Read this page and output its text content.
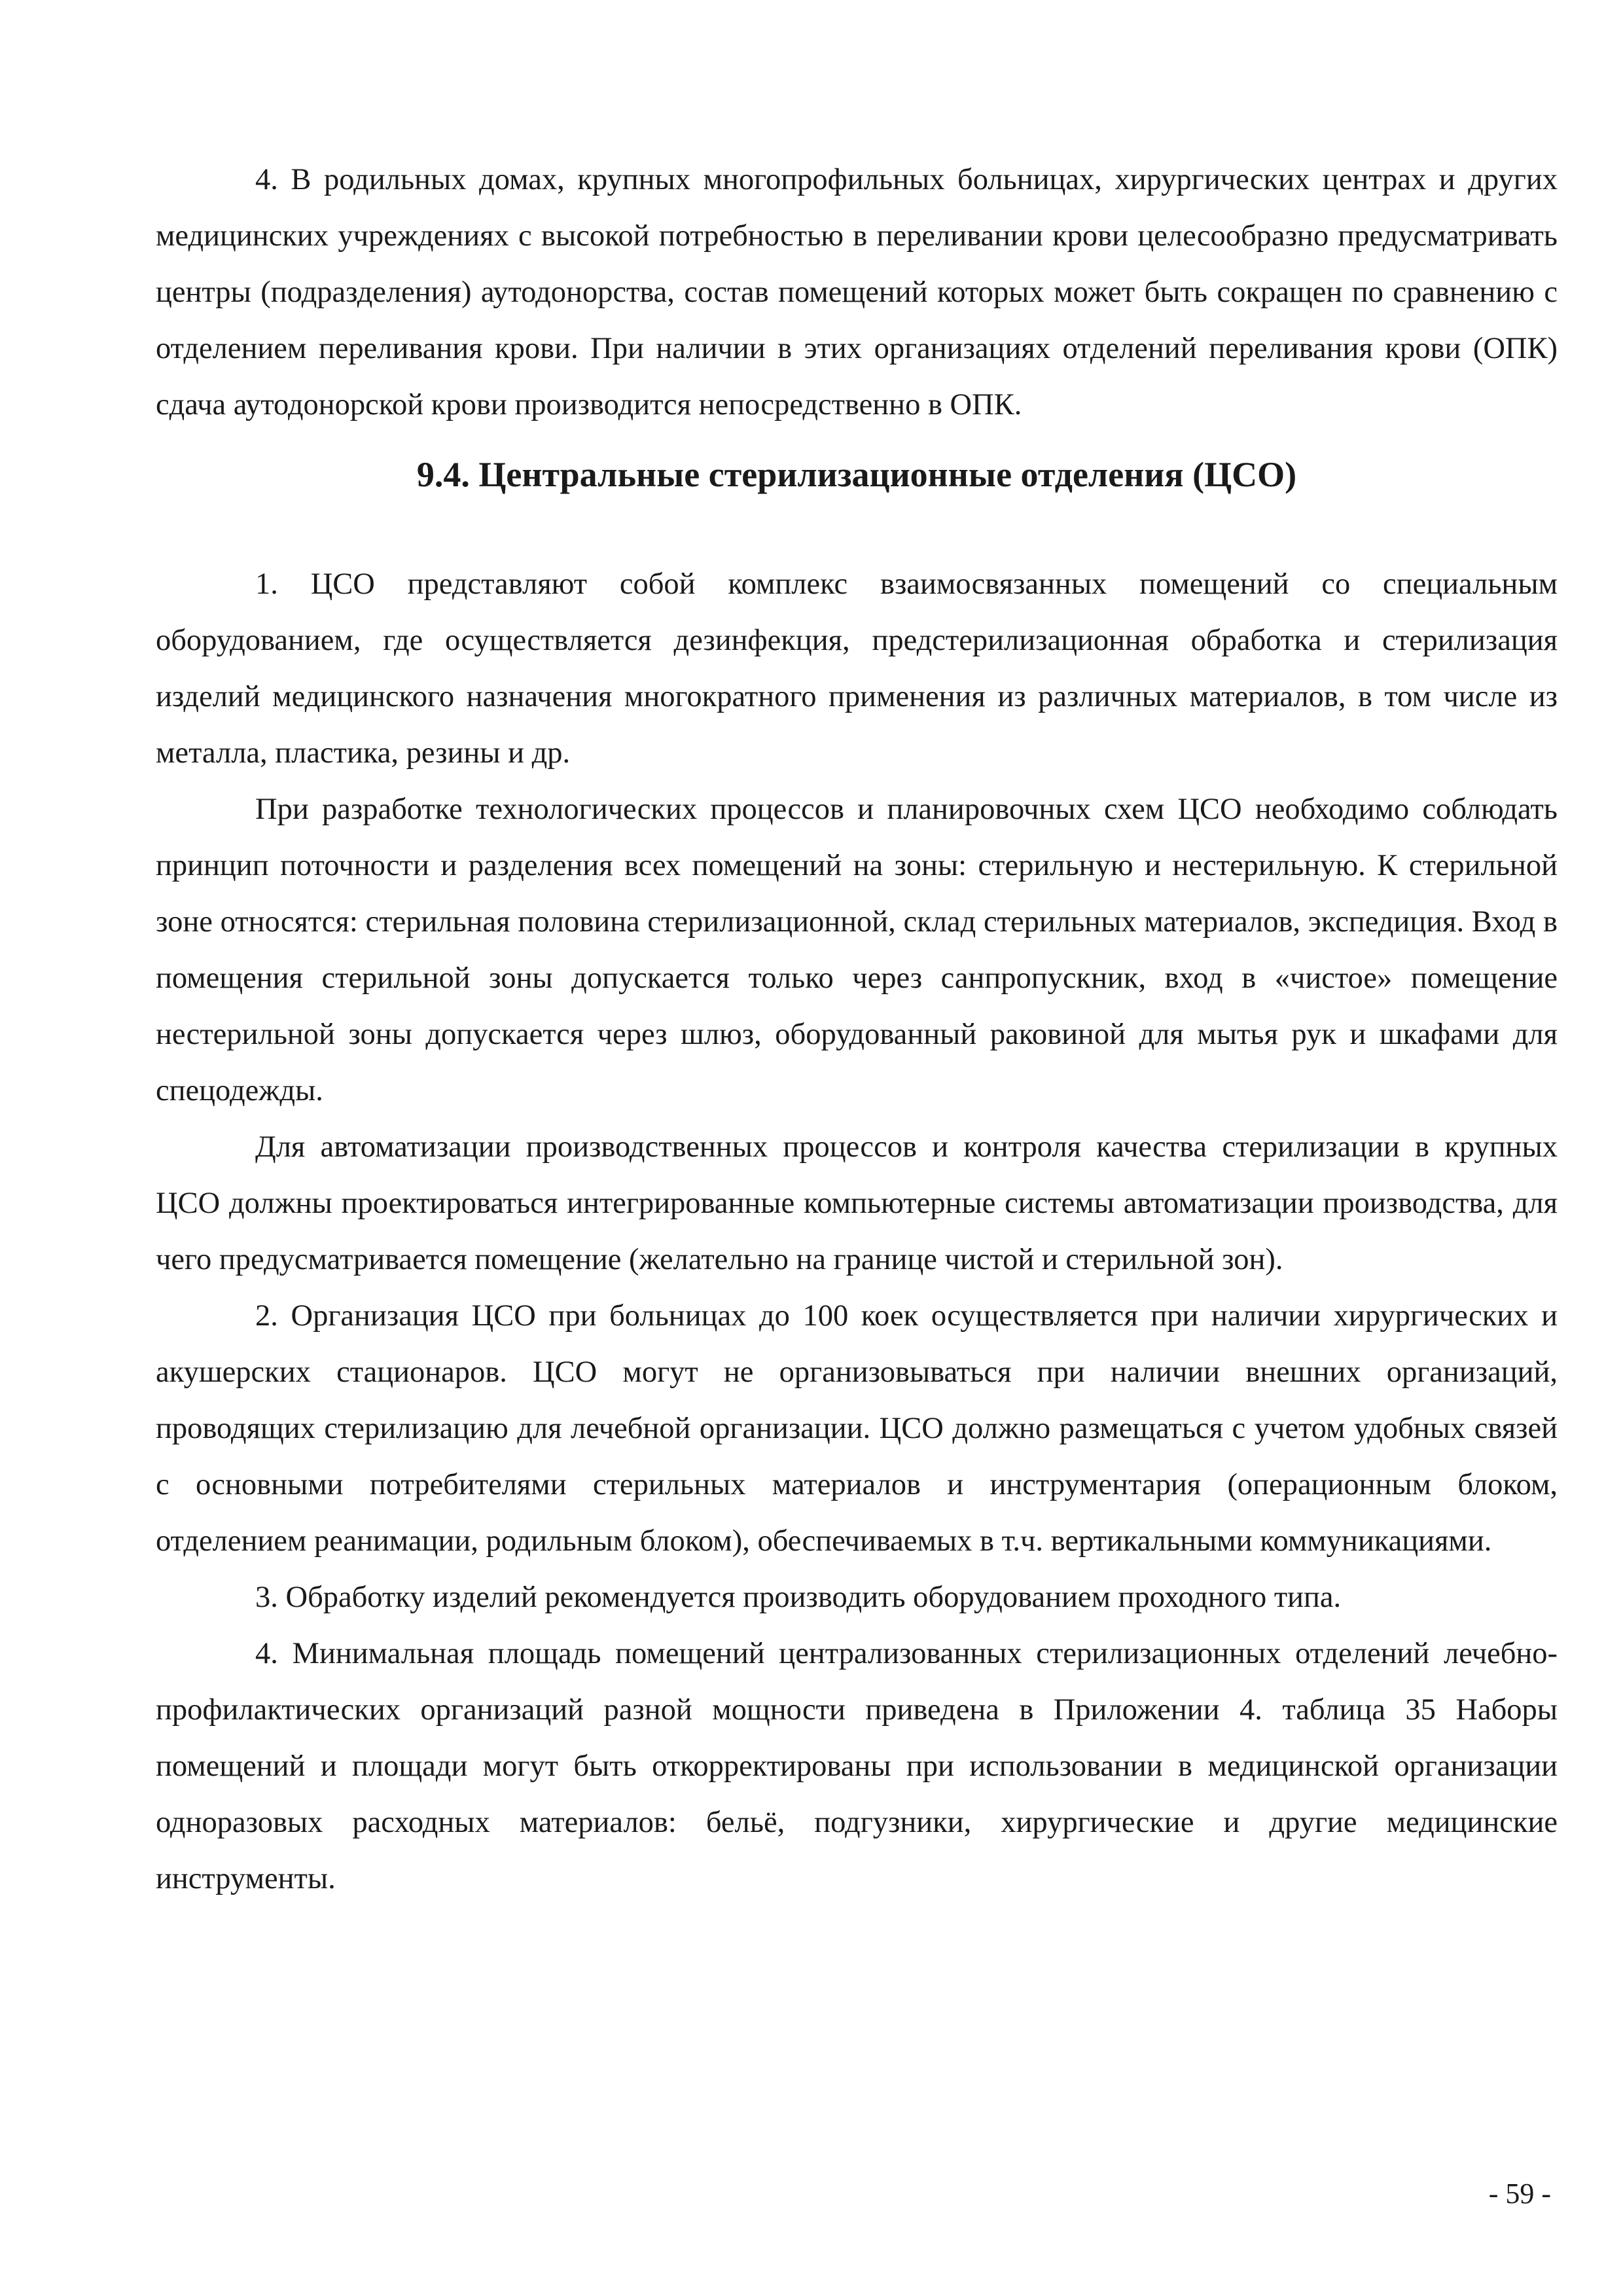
4. В родильных домах, крупных многопрофильных больницах, хирургических центрах и других медицинских учреждениях с высокой потребностью в переливании крови целесообразно предусматривать центры (подразделения) аутодонорства, состав помещений которых может быть сокращен по сравнению с отделением переливания крови. При наличии в этих организациях отделений переливания крови (ОПК) сдача аутодонорской крови производится непосредственно в ОПК.

9.4. Центральные стерилизационные отделения (ЦСО)

1. ЦСО представляют собой комплекс взаимосвязанных помещений со специальным оборудованием, где осуществляется дезинфекция, предстерилизационная обработка и стерилизация изделий медицинского назначения многократного применения из различных материалов, в том числе из металла, пластика, резины и др.

При разработке технологических процессов и планировочных схем ЦСО необходимо соблюдать принцип поточности и разделения всех помещений на зоны: стерильную и нестерильную. К стерильной зоне относятся: стерильная половина стерилизационной, склад стерильных материалов, экспедиция. Вход в помещения стерильной зоны допускается только через санпропускник, вход в «чистое» помещение нестерильной зоны допускается через шлюз, оборудованный раковиной для мытья рук и шкафами для спецодежды.

Для автоматизации производственных процессов и контроля качества стерилизации в крупных ЦСО должны проектироваться интегрированные компьютерные системы автоматизации производства, для чего предусматривается помещение (желательно на границе чистой и стерильной зон).

2. Организация ЦСО при больницах до 100 коек осуществляется при наличии хирургических и акушерских стационаров. ЦСО могут не организовываться при наличии внешних организаций, проводящих стерилизацию для лечебной организации. ЦСО должно размещаться с учетом удобных связей с основными потребителями стерильных материалов и инструментария (операционным блоком, отделением реанимации, родильным блоком), обеспечиваемых в т.ч. вертикальными коммуникациями.

3. Обработку изделий рекомендуется производить оборудованием проходного типа.

4. Минимальная площадь помещений централизованных стерилизационных отделений лечебно-профилактических организаций разной мощности приведена в Приложении 4. таблица 35 Наборы помещений и площади могут быть откорректированы при использовании в медицинской организации одноразовых расходных материалов: бельё, подгузники, хирургические и другие медицинские инструменты.

- 59 -
